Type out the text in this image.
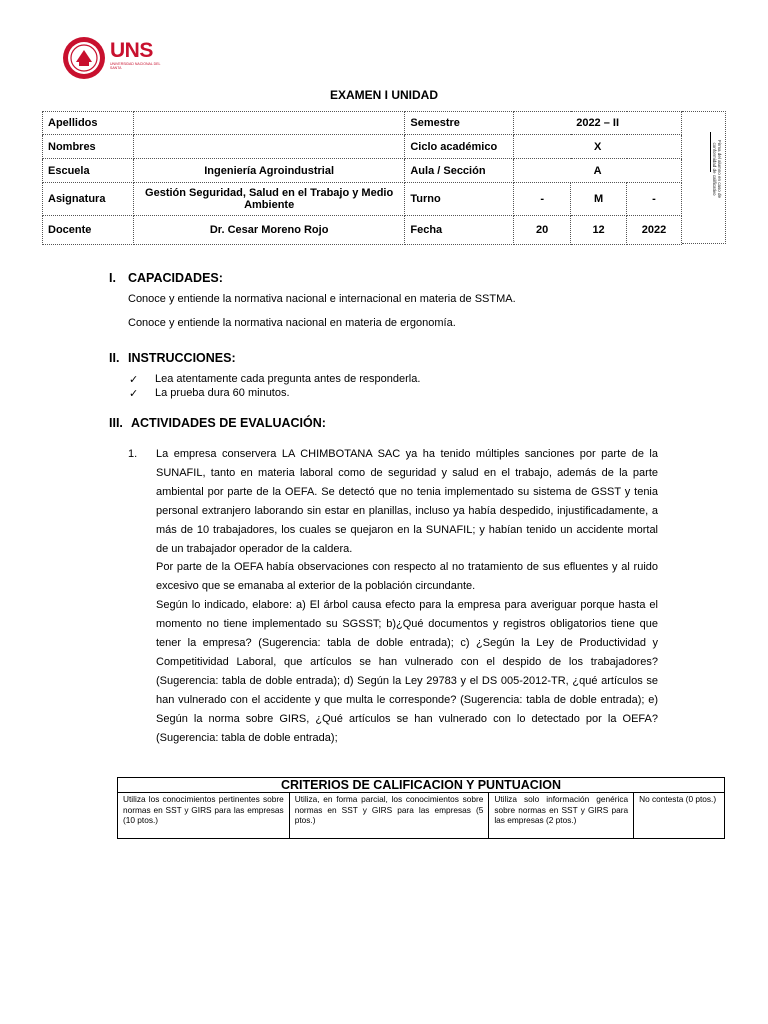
UNS
UNIVERSIDAD NACIONAL DEL SANTA
EXAMEN I UNIDAD
Apellidos		Semestre	2022 – II		
Nombres		Ciclo académico	X		
Escuela	Ingeniería Agroindustrial	Aula / Sección	A		
Asignatura	Gestión Seguridad, Salud en el Trabajo y Medio Ambiente	Turno	-	M	-
Docente	Dr. Cesar Moreno Rojo	Fecha	20	12	2022
Firma del alumno en caso de conformidad de calificativo
I. CAPACIDADES:
Conoce y entiende la normativa nacional e internacional en materia de SSTMA.
Conoce y entiende la normativa nacional en materia de ergonomía.
II. INSTRUCCIONES:
✓ Lea atentamente cada pregunta antes de responderla.
✓ La prueba dura 60 minutos.
III. ACTIVIDADES DE EVALUACIÓN:
1. La empresa conservera LA CHIMBOTANA SAC ya ha tenido múltiples sanciones por parte de la SUNAFIL, tanto en materia laboral como de seguridad y salud en el trabajo, además de la parte ambiental por parte de la OEFA. Se detectó que no tenia implementado su sistema de GSST y tenia personal extranjero laborando sin estar en planillas, incluso ya había despedido, injustificadamente, a más de 10 trabajadores, los cuales se quejaron en la SUNAFIL; y habían tenido un accidente mortal de un trabajador operador de la caldera.

Por parte de la OEFA había observaciones con respecto al no tratamiento de sus efluentes y al ruido excesivo que se emanaba al exterior de la población circundante.

Según lo indicado, elabore: a) El árbol causa efecto para la empresa para averiguar porque hasta el momento no tiene implementado su SGSST; b)¿Qué documentos y registros obligatorios tiene que tener la empresa? (Sugerencia: tabla de doble entrada); c) ¿Según la Ley de Productividad y Competitividad Laboral, que artículos se han vulnerado con el despido de los trabajadores? (Sugerencia: tabla de doble entrada); d) Según la Ley 29783 y el DS 005-2012-TR, ¿qué artículos se han vulnerado con el accidente y que multa le corresponde? (Sugerencia: tabla de doble entrada); e) Según la norma sobre GIRS, ¿Qué artículos se han vulnerado con lo detectado por la OEFA? (Sugerencia: tabla de doble entrada);

CRITERIOS DE CALIFICACION Y PUNTUACION
Utiliza los conocimientos pertinentes sobre normas en SST y GIRS para las empresas (10 ptos.)	Utiliza, en forma parcial, los conocimientos sobre normas en SST y GIRS para las empresas (5 ptos.)	Utiliza solo información genérica sobre normas en SST y GIRS para las empresas (2 ptos.)	No contesta (0 ptos.)
